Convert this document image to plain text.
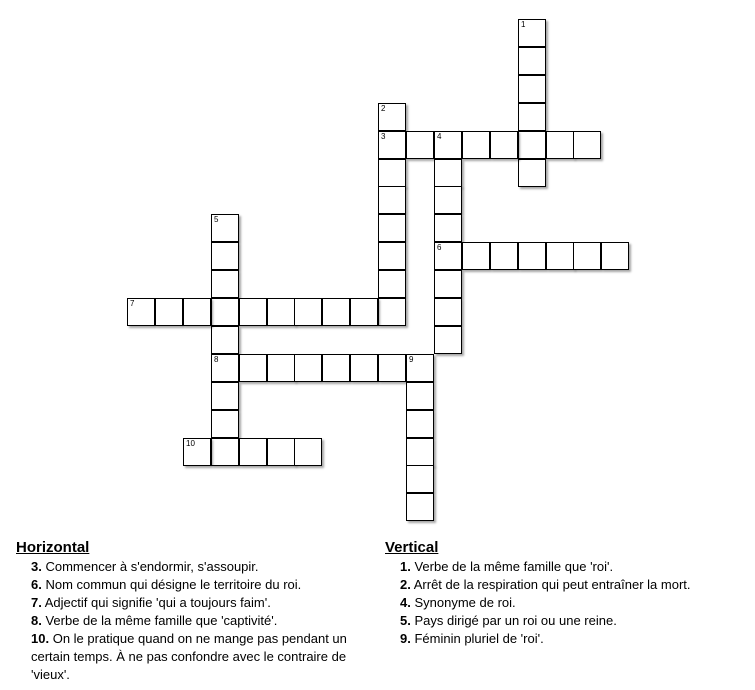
1
2
3	4
6
5
8
7
9
10
Horizontal
3. Commencer à s'endormir, s'assoupir.
6. Nom commun qui désigne le territoire du roi.
7. Adjectif qui signifie 'qui a toujours faim'.
8. Verbe de la même famille que 'captivité'.
10. On le pratique quand on ne mange pas pendant un certain temps. À ne pas confondre avec le contraire de 'vieux'.
Vertical
1. Verbe de la même famille que 'roi'.
2. Arrêt de la respiration qui peut entraîner la mort.
4. Synonyme de roi.
5. Pays dirigé par un roi ou une reine.
9. Féminin pluriel de 'roi'.
